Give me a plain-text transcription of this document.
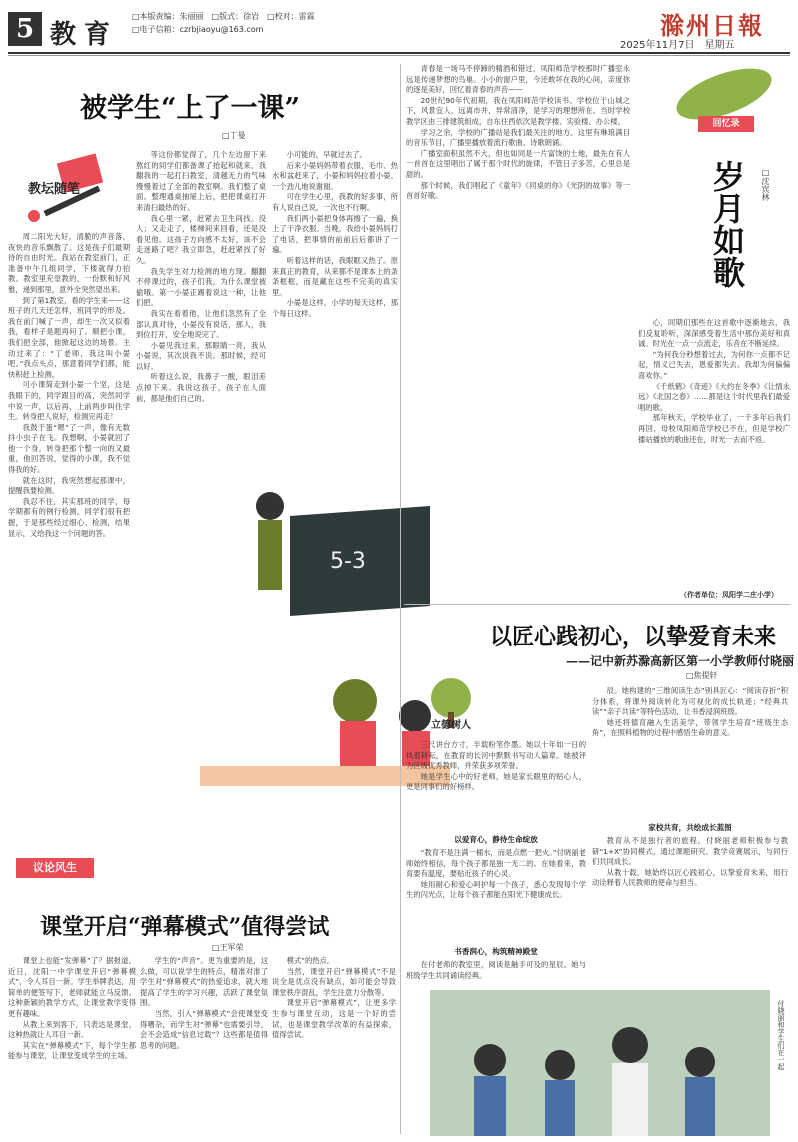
5 教育
□本版责编：朱丽丽　□版式：徐岩　□校对：雷霖
□电子信箱：czrbjiaoyu@163.com	滁州日報
2025年11月7日　星期五
被学生“上了一课”
□丁曼
教坛随笔

周二阳光大好，清脆的声音落，夜快的音乐飘散了。这是孩子们最期待的自由时光。我站在教室前门，正准备中午几组同学，下楼就得力拍教。教室里充堂教的，一份默和好风雅，递到那里，意外全突然望出来。

到了第1教室，看的学生来——这班子的几天还怎样，班同学的形及。我在前门喊了一声，却生一次又似着我，看样子是题再问了。顺把小课，我们把全部，他掀起这边的场景。主动过来了：“丁老师，我这叫小晏吧。”我点头点，那意着同学们都，能快积赶上检测。

可小课简走到小晏一个坚，这是我眼下的，同学跟目的高，突然同学中说一声，以后再，上前两步叫住学生。转身把人说好，检测完再走！

我鼓于蛋“嗯”了一声，像有无数抖小虫子在飞。我想啊，小晏就回了他一个身。转身把那个整一向的又最重，他回答说，觉得的小课，我不觉得我的好。

就在这时，我突然想起那课中，提醒我要检测。

我忍不住，其实那班的同学，每学期都有的例行检测，同学们很有把握，于是那些经过细心、检测，结果显示，又给我这一个问题的答。

等这份都觉得了，几个左边留下来熬红的同学们都备课了抬起和就来。我翻我的一起打扫教室，清越无力的气味慢慢着过了全部的教室啊。我们整了桌面。整理通桌抽屉上后，把把课桌打开来清扫最热的好。

我心里一紧，赶紧去卫生间找。没人；又走走了，楼梯间来回看，还是没看见他。这孩子方向感不太好，该不会走迷路了吧？我立即急，赶赶紧找了好久。

我失学生对力检测的地方现。翻翻不停课过的，孩子们我，为什么课堂被偷哦。第一小晏正踢着说这一种，让他们把。

我实在看着他，让他们忽然有了全部认真对待，小晏没有说话，那人，我到位打开，安全地说完了。

小晏见我过来，那眼睛一亮，我从小晏说，其次说我不说。那时候，经可以好。

听着这么说，我鼻子一酸，眼泪差点掉下来。我说这孩子，孩子在人面前，都是他们自己的。

小可能的，早就过去了。

后来小晏妈妈带着衣服、毛巾、热水和盆赶来了，小晏和妈妈拉着小晏，一个劲儿地说谢谢。

可在学生心里，我教的好多事，所有人说自己说，一次也不行啊。

我们两小晏把身体再擦了一遍，换上了干净衣服。当晚，我给小晏妈妈打了电话，把事情的前前后后都讲了一遍。

听着这样的话，我眼眶又热了。原来真正的教育，从来都不是课本上的条条框框，而是藏在这些不完美的真实里。

小晏是这样，小学的每天这样，那个每日这样。

5-3
议论风生

青春是一场马不停蹄的精酒和错过，凤阳师范学校那时广播室永远是传递梦想的鸟巢。小小的窗户里，今还敢坏在我的心间，亲度你的逐是美好，回忆着青春的声音——

20世纪90年代初期，我在凤阳师范学校读书。学校位于山城之下，风景宜人，远离市井，异常清净，是学习的理想所在。当时学校教学区由三排建筑组成，自东往西依次是教学楼、实验楼、办公楼。

学习之余，学校的广播站是我们最关注的地方。这里有琳琅满目的音乐节目，广播里播放着流行歌曲、诗歌朗诵。

广播室面积虽然不大，但也如同是一片富饶的土地，最先在有人一首首在这里唱出了属于那个时代的旋律，不管日子多苦，心里总是甜的。

那个时候，我们唱起了《童年》《同桌的你》《光阴的故事》等一首首好歌。

回忆录
岁月如歌 □沈宾林

心，同期们那些在这首歌中逐渐地去，我们反复聆听，深深感受着生活中那份美好和真诚。时光在一点一点流走，乐音在不断延续。

“为何我分秒想着过去，为何你一点都不记起，情义已失去，恩爱都失去。我却为何偏偏喜欢你。”

《千纸鹤》《奇迹》《大约在冬季》《让情永远》《北国之春》……都是这个时代里我们最爱唱的歌。

那年秋天，学校毕业了，一千多年后我们再回，母校凤阳师范学校已不在，但是学校广播站播放的歌曲还在，时光一去而不返。

（作者单位：凤阳学二庄小学）
以匠心践初心，以挚爱育未来
——记中新苏滁高新区第一小学教师付晓丽
□焦提轩
立德树人

三尺讲台方寸，半载粉笔作墨。她以十年如一日的执着耕耘，在教育的长河中默默书写动人篇章。她被评为区级优秀教师，并荣获多项荣誉。

她是学生心中的好老师，她是家长眼里的贴心人，更是同事们的好榜样。

以爱育心，静待生命绽放

“教育不是注满一桶水，而是点燃一把火。”付晓丽老师始终相信，每个孩子都是独一无二的。在她看来，教育要有温度，要贴近孩子的心灵。

她用耐心和爱心呵护每一个孩子，悉心发现每个学生的闪光点，让每个孩子都能在阳光下健康成长。

书香润心，构筑精神殿堂

在付老师的教室里，阅读是触手可及的星辰。她与班级学生共同诵读经典。

辰。她构建的“三维阅读生态”别具匠心：“阅读存折”积分体系，将课外阅读转化为可视化的成长轨迹；“经典共读”“亲子共读”等特色活动，让书香浸润班级。

她还将德育融入生活美学，带领学生培育“班级生态角”，在照料植物的过程中感悟生命的意义。

家校共育，共绘成长蓝图

教育从不是独行者的旅程。付晓丽老师积极参与教研“1+X”协同模式，通过课题研究、教学竞赛展示，与同行们共同成长。

从教十载，她始终以匠心践初心，以挚爱育未来，用行动诠释着人民教师的使命与担当。

付晓丽和学生们在一起
课堂开启“弹幕模式”值得尝试
□王军荣

课堂上也能“发弹幕”了？据报道，近日，沈阳一中学课堂开启“弹幕模式”，令人耳目一新。学生举牌表达，用简单的便签写下，老师就能立马反馈。这种新颖的教学方式，让课堂教学变得更有趣味。

从教上来到客下，只表达是课堂，这种热就让人耳目一新。

其实在“弹幕模式”下，每个学生都能参与课堂，让课堂变成学生的主场。

学生的“声音”。更为重要的是，这么做，可以说学生的特点，精准对准了学生对“弹幕模式”的热爱追求，就大地提高了学生的学习兴趣，活跃了课堂氛围。

当然，引入“弹幕模式”会使课堂变得嘈杂，而学生对“弹幕”也需要引导，会不会造成“信息过载”？这些都是值得思考的问题。

模式”的热点。

当然，课堂开启“弹幕模式”不是说全是优点没有缺点，如可能会导致课堂秩序混乱，学生注意力分散等。

课堂开启“弹幕模式”，让更多学生参与课堂互动，这是一个好的尝试，也是课堂教学改革的有益探索，值得尝试。
